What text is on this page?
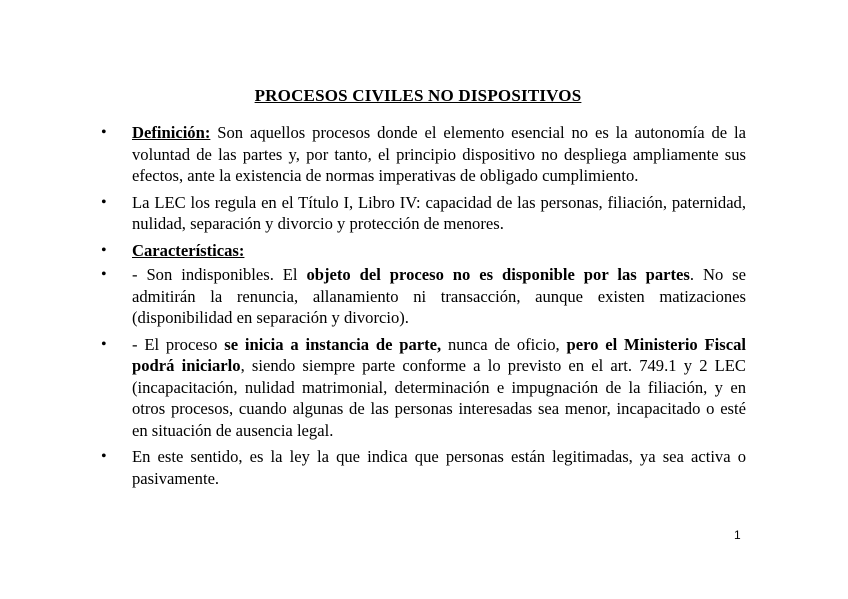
PROCESOS CIVILES NO DISPOSITIVOS
• Definición: Son aquellos procesos donde el elemento esencial no es la autonomía de la voluntad de las partes y, por tanto, el principio dispositivo no despliega ampliamente sus efectos, ante la existencia de normas imperativas de obligado cumplimiento.
• La LEC los regula en el Título I, Libro IV: capacidad de las personas, filiación, paternidad, nulidad, separación y divorcio y protección de menores.
• Características:
• - Son indisponibles. El objeto del proceso no es disponible por las partes. No se admitirán la renuncia, allanamiento ni transacción, aunque existen matizaciones (disponibilidad en separación y divorcio).
• - El proceso se inicia a instancia de parte, nunca de oficio, pero el Ministerio Fiscal podrá iniciarlo, siendo siempre parte conforme a lo previsto en el art. 749.1 y 2 LEC (incapacitación, nulidad matrimonial, determinación e impugnación de la filiación, y en otros procesos, cuando algunas de las personas interesadas sea menor, incapacitado o esté en situación de ausencia legal.
• En este sentido, es la ley la que indica que personas están legitimadas, ya sea activa o pasivamente.
1
